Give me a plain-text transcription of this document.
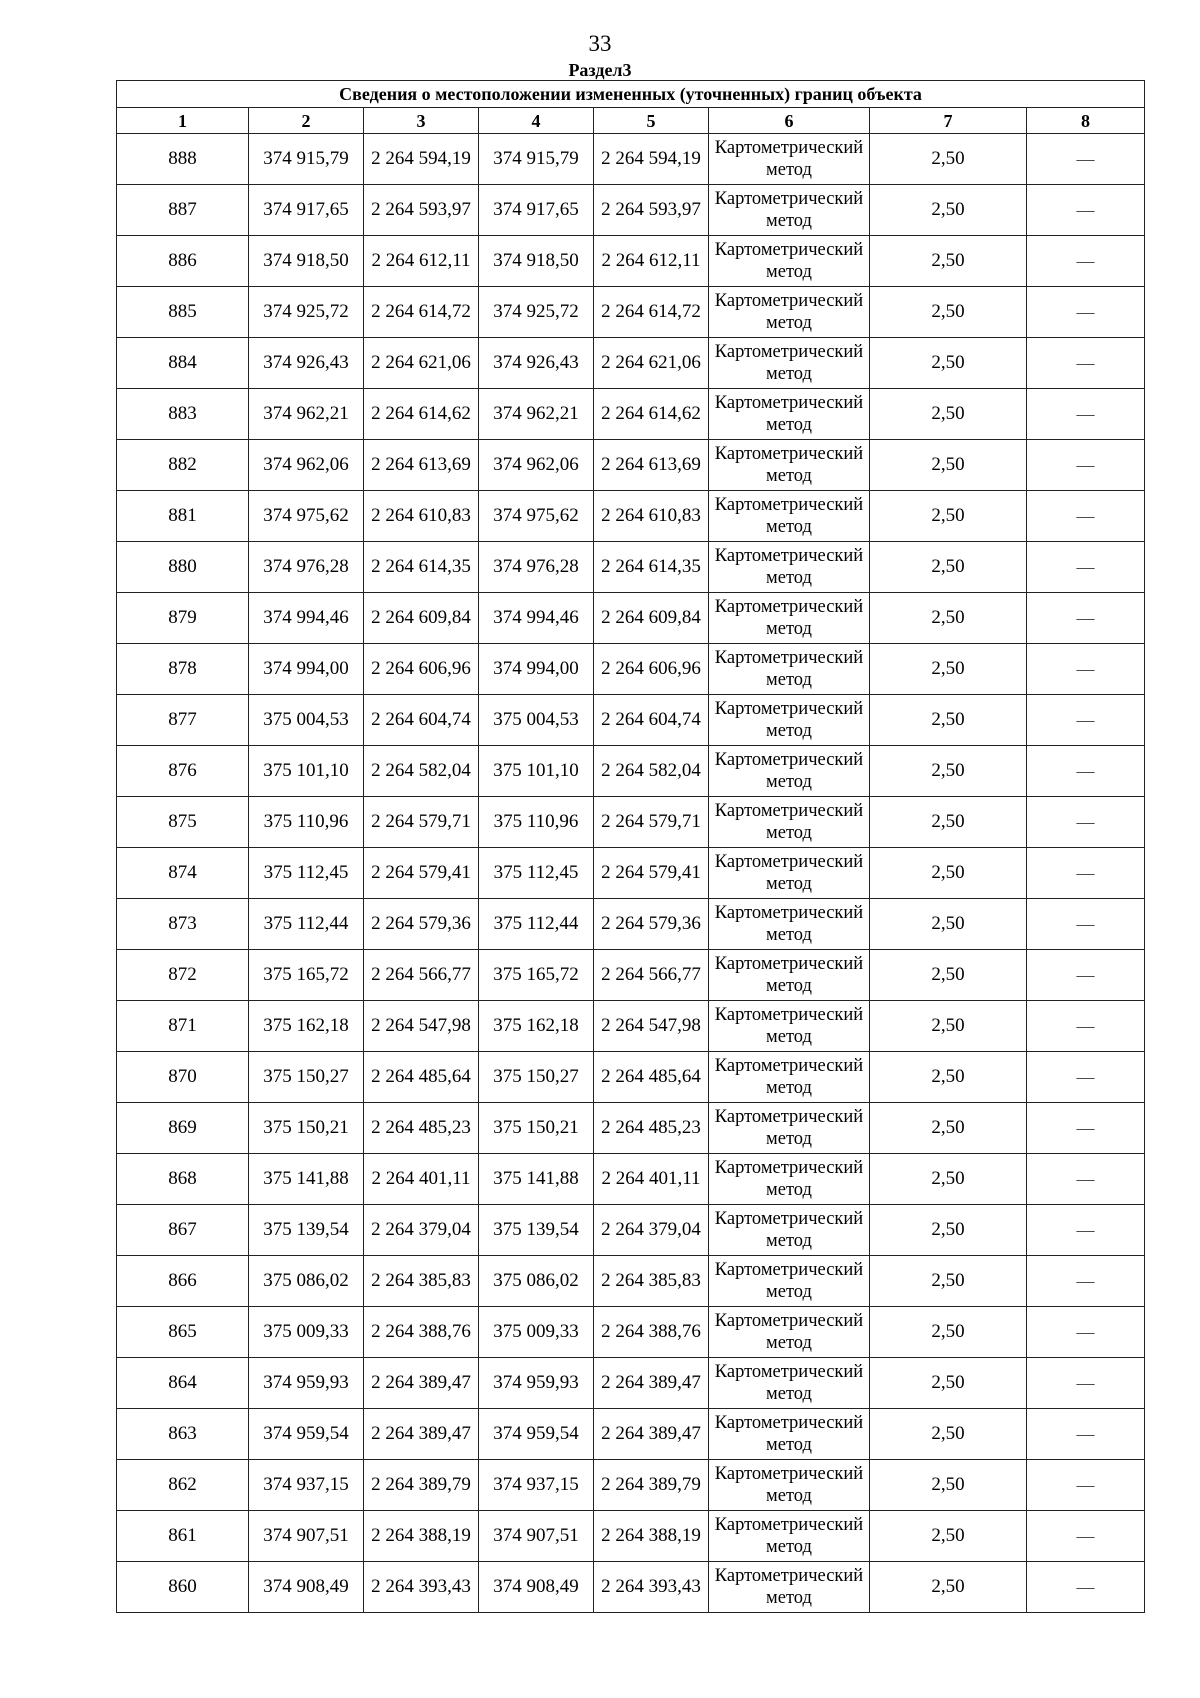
33
Раздел3
Сведения о местоположении измененных (уточненных) границ объекта							
1	2	3	4	5	6	7	8
888	374 915,79	2 264 594,19	374 915,79	2 264 594,19	Картометрический метод	2,50	—
887	374 917,65	2 264 593,97	374 917,65	2 264 593,97	Картометрический метод	2,50	—
886	374 918,50	2 264 612,11	374 918,50	2 264 612,11	Картометрический метод	2,50	—
885	374 925,72	2 264 614,72	374 925,72	2 264 614,72	Картометрический метод	2,50	—
884	374 926,43	2 264 621,06	374 926,43	2 264 621,06	Картометрический метод	2,50	—
883	374 962,21	2 264 614,62	374 962,21	2 264 614,62	Картометрический метод	2,50	—
882	374 962,06	2 264 613,69	374 962,06	2 264 613,69	Картометрический метод	2,50	—
881	374 975,62	2 264 610,83	374 975,62	2 264 610,83	Картометрический метод	2,50	—
880	374 976,28	2 264 614,35	374 976,28	2 264 614,35	Картометрический метод	2,50	—
879	374 994,46	2 264 609,84	374 994,46	2 264 609,84	Картометрический метод	2,50	—
878	374 994,00	2 264 606,96	374 994,00	2 264 606,96	Картометрический метод	2,50	—
877	375 004,53	2 264 604,74	375 004,53	2 264 604,74	Картометрический метод	2,50	—
876	375 101,10	2 264 582,04	375 101,10	2 264 582,04	Картометрический метод	2,50	—
875	375 110,96	2 264 579,71	375 110,96	2 264 579,71	Картометрический метод	2,50	—
874	375 112,45	2 264 579,41	375 112,45	2 264 579,41	Картометрический метод	2,50	—
873	375 112,44	2 264 579,36	375 112,44	2 264 579,36	Картометрический метод	2,50	—
872	375 165,72	2 264 566,77	375 165,72	2 264 566,77	Картометрический метод	2,50	—
871	375 162,18	2 264 547,98	375 162,18	2 264 547,98	Картометрический метод	2,50	—
870	375 150,27	2 264 485,64	375 150,27	2 264 485,64	Картометрический метод	2,50	—
869	375 150,21	2 264 485,23	375 150,21	2 264 485,23	Картометрический метод	2,50	—
868	375 141,88	2 264 401,11	375 141,88	2 264 401,11	Картометрический метод	2,50	—
867	375 139,54	2 264 379,04	375 139,54	2 264 379,04	Картометрический метод	2,50	—
866	375 086,02	2 264 385,83	375 086,02	2 264 385,83	Картометрический метод	2,50	—
865	375 009,33	2 264 388,76	375 009,33	2 264 388,76	Картометрический метод	2,50	—
864	374 959,93	2 264 389,47	374 959,93	2 264 389,47	Картометрический метод	2,50	—
863	374 959,54	2 264 389,47	374 959,54	2 264 389,47	Картометрический метод	2,50	—
862	374 937,15	2 264 389,79	374 937,15	2 264 389,79	Картометрический метод	2,50	—
861	374 907,51	2 264 388,19	374 907,51	2 264 388,19	Картометрический метод	2,50	—
860	374 908,49	2 264 393,43	374 908,49	2 264 393,43	Картометрический метод	2,50	—
